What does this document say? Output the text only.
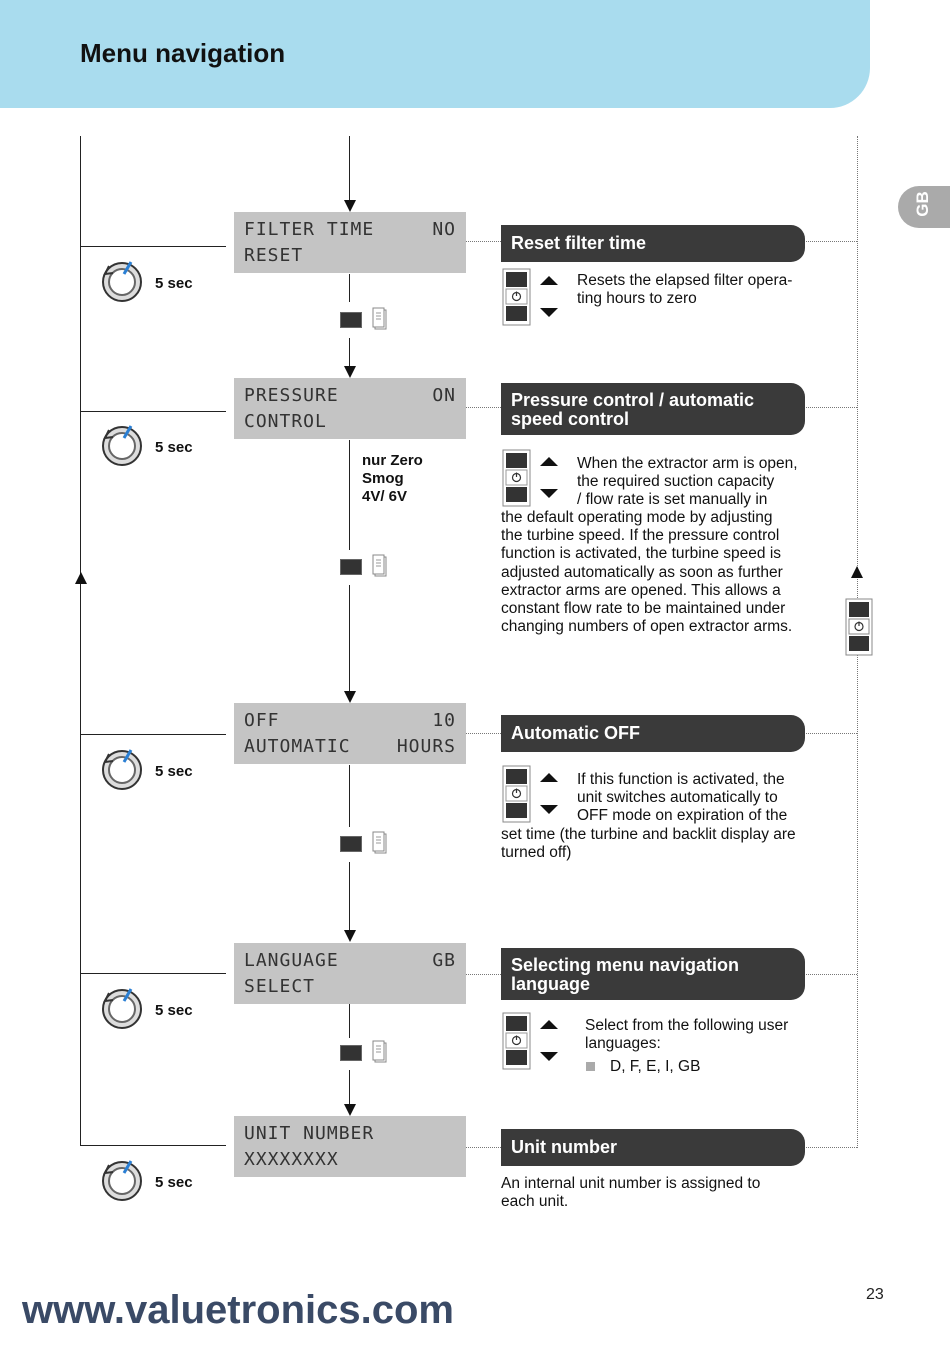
Menu navigation
GB
FILTER TIME	NO
RESET
PRESSURE	ON
CONTROL
OFF	10
AUTOMATIC	HOURS
LANGUAGE	GB
SELECT
UNIT NUMBER
XXXXXXXX
nur Zero
Smog
4V/ 6V
5 sec
5 sec
5 sec
5 sec
5 sec
Reset filter time
Pressure control / automatic
speed control
Automatic OFF
Selecting menu navigation
language
Unit number

Resets the elapsed filter opera-

ting hours to zero

When the extractor arm is open,

the required suction capacity

/ flow rate is set manually in

the default operating mode by adjusting

the turbine speed. If the pressure control

function is activated, the turbine speed is

adjusted automatically as soon as further

extractor arms are opened. This allows a

constant flow rate to be maintained under

changing numbers of open extractor arms.

If this function is activated, the

unit switches automatically to

OFF mode on expiration of the

set time (the turbine and backlit display are

turned off)

Select from the following user

languages:

D, F, E, I, GB

An internal unit number is assigned to

each unit.

www.valuetronics.com	23
